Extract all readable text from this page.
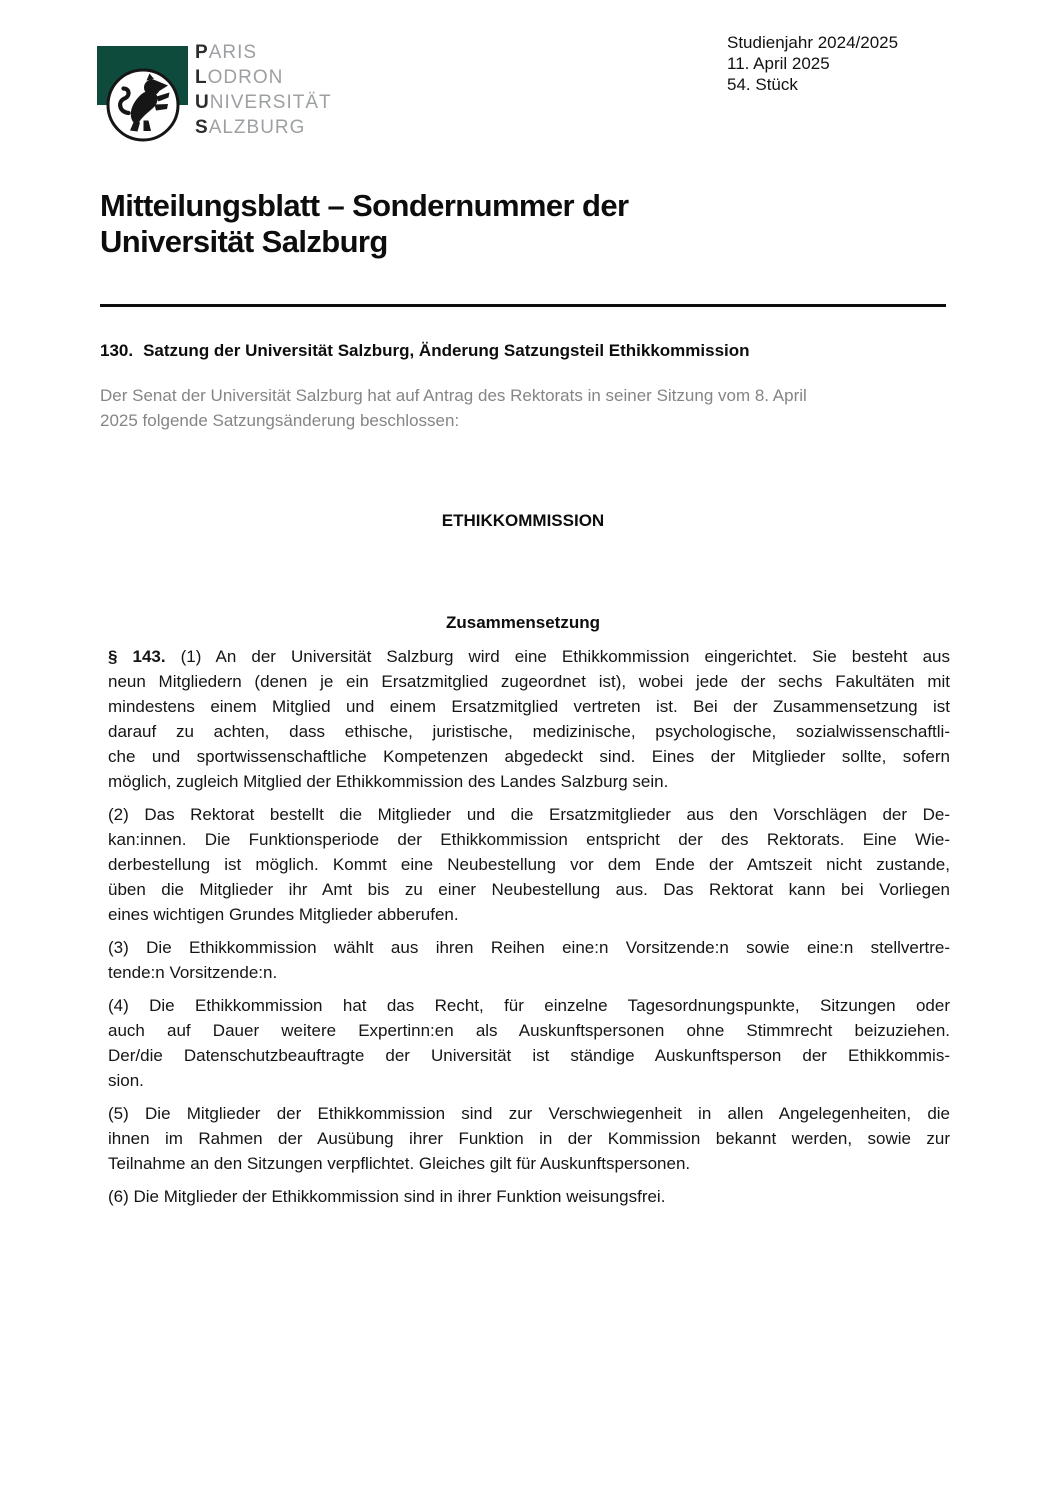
PARIS
LODRON
UNIVERSITÄT
SALZBURG
Studienjahr 2024/2025
11. April 2025
54. Stück
Mitteilungsblatt – Sondernummer der
Universität Salzburg
130. Satzung der Universität Salzburg, Änderung Satzungsteil Ethikkommission
Der Senat der Universität Salzburg hat auf Antrag des Rektorats in seiner Sitzung vom 8. April
2025 folgende Satzungsänderung beschlossen:
ETHIKKOMMISSION
Zusammensetzung
§ 143. (1) An der Universität Salzburg wird eine Ethikkommission eingerichtet. Sie besteht aus
neun Mitgliedern (denen je ein Ersatzmitglied zugeordnet ist), wobei jede der sechs Fakultäten mit
mindestens einem Mitglied und einem Ersatzmitglied vertreten ist. Bei der Zusammensetzung ist
darauf zu achten, dass ethische, juristische, medizinische, psychologische, sozialwissenschaftli-
che und sportwissenschaftliche Kompetenzen abgedeckt sind. Eines der Mitglieder sollte, sofern
möglich, zugleich Mitglied der Ethikkommission des Landes Salzburg sein.
(2) Das Rektorat bestellt die Mitglieder und die Ersatzmitglieder aus den Vorschlägen der De-
kan:innen. Die Funktionsperiode der Ethikkommission entspricht der des Rektorats. Eine Wie-
derbestellung ist möglich. Kommt eine Neubestellung vor dem Ende der Amtszeit nicht zustande,
üben die Mitglieder ihr Amt bis zu einer Neubestellung aus. Das Rektorat kann bei Vorliegen
eines wichtigen Grundes Mitglieder abberufen.
(3) Die Ethikkommission wählt aus ihren Reihen eine:n Vorsitzende:n sowie eine:n stellvertre-
tende:n Vorsitzende:n.
(4) Die Ethikkommission hat das Recht, für einzelne Tagesordnungspunkte, Sitzungen oder
auch auf Dauer weitere Expertinn:en als Auskunftspersonen ohne Stimmrecht beizuziehen.
Der/die Datenschutzbeauftragte der Universität ist ständige Auskunftsperson der Ethikkommis-
sion.
(5) Die Mitglieder der Ethikkommission sind zur Verschwiegenheit in allen Angelegenheiten, die
ihnen im Rahmen der Ausübung ihrer Funktion in der Kommission bekannt werden, sowie zur
Teilnahme an den Sitzungen verpflichtet. Gleiches gilt für Auskunftspersonen.
(6) Die Mitglieder der Ethikkommission sind in ihrer Funktion weisungsfrei.
